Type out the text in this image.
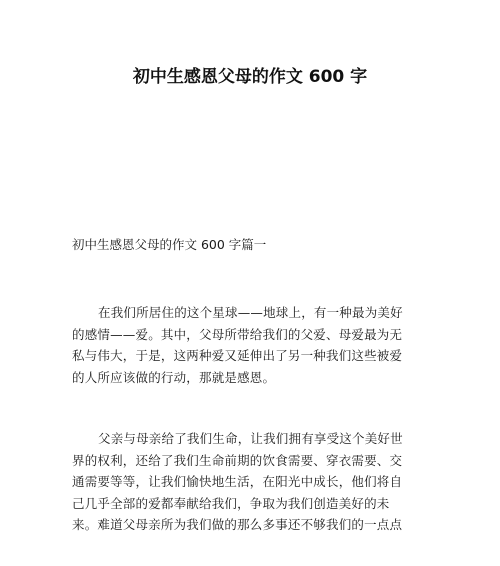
初中生感恩父母的作文 600 字
初中生感恩父母的作文 600 字篇一
在我们所居住的这个星球——地球上，有一种最为美好
的感情——爱。其中，父母所带给我们的父爱、母爱最为无
私与伟大，于是，这两种爱又延伸出了另一种我们这些被爱
的人所应该做的行动，那就是感恩。
父亲与母亲给了我们生命，让我们拥有享受这个美好世
界的权利，还给了我们生命前期的饮食需要、穿衣需要、交
通需要等等，让我们愉快地生活，在阳光中成长，他们将自
己几乎全部的爱都奉献给我们，争取为我们创造美好的未
来。难道父母亲所为我们做的那么多事还不够我们的一点点
